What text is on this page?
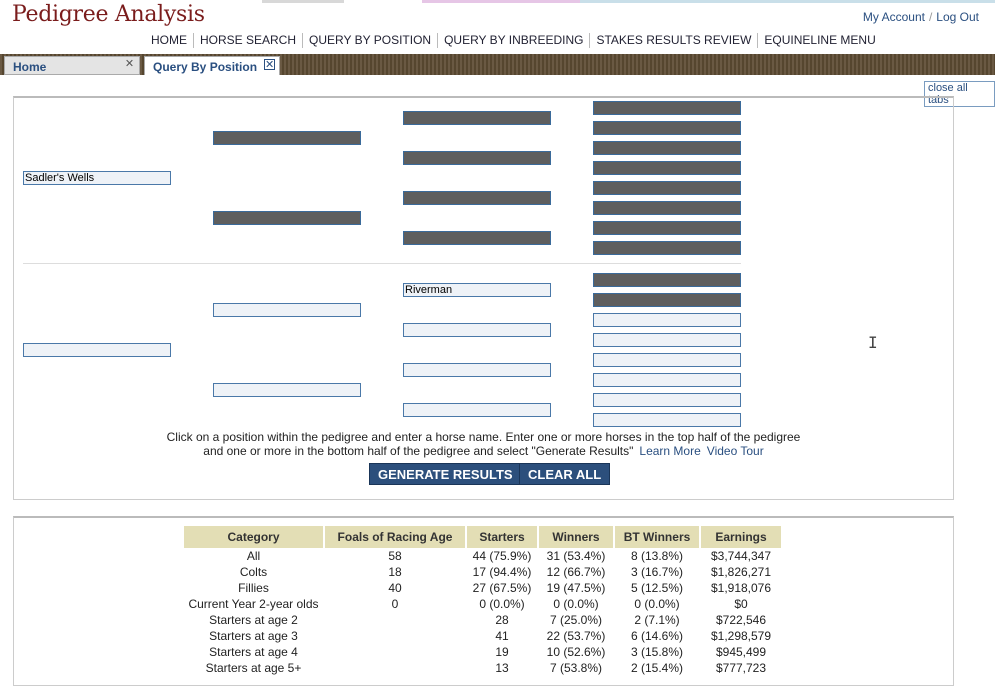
Pedigree Analysis	My Account / Log Out
HOME	HORSE SEARCH	QUERY BY POSITION	QUERY BY INBREEDING	STAKES RESULTS REVIEW	EQUINELINE MENU
Home	✕	Query By Position ✕
close all tabs
Sadler's Wells
Riverman
I
Click on a position within the pedigree and enter a horse name. Enter one or more horses in the top half of the pedigree
and one or more in the bottom half of the pedigree and select "Generate Results" Learn More Video Tour
GENERATE RESULTS	CLEAR ALL
Category	Foals of Racing Age	Starters	Winners	BT Winners	Earnings
All	58	44 (75.9%)	31 (53.4%)	8 (13.8%)	$3,744,347
Colts	18	17 (94.4%)	12 (66.7%)	3 (16.7%)	$1,826,271
Fillies	40	27 (67.5%)	19 (47.5%)	5 (12.5%)	$1,918,076
Current Year 2-year olds	0	0 (0.0%)	0 (0.0%)	0 (0.0%)	$0
Starters at age 2		28	7 (25.0%)	2 (7.1%)	$722,546
Starters at age 3		41	22 (53.7%)	6 (14.6%)	$1,298,579
Starters at age 4		19	10 (52.6%)	3 (15.8%)	$945,499
Starters at age 5+		13	7 (53.8%)	2 (15.4%)	$777,723
